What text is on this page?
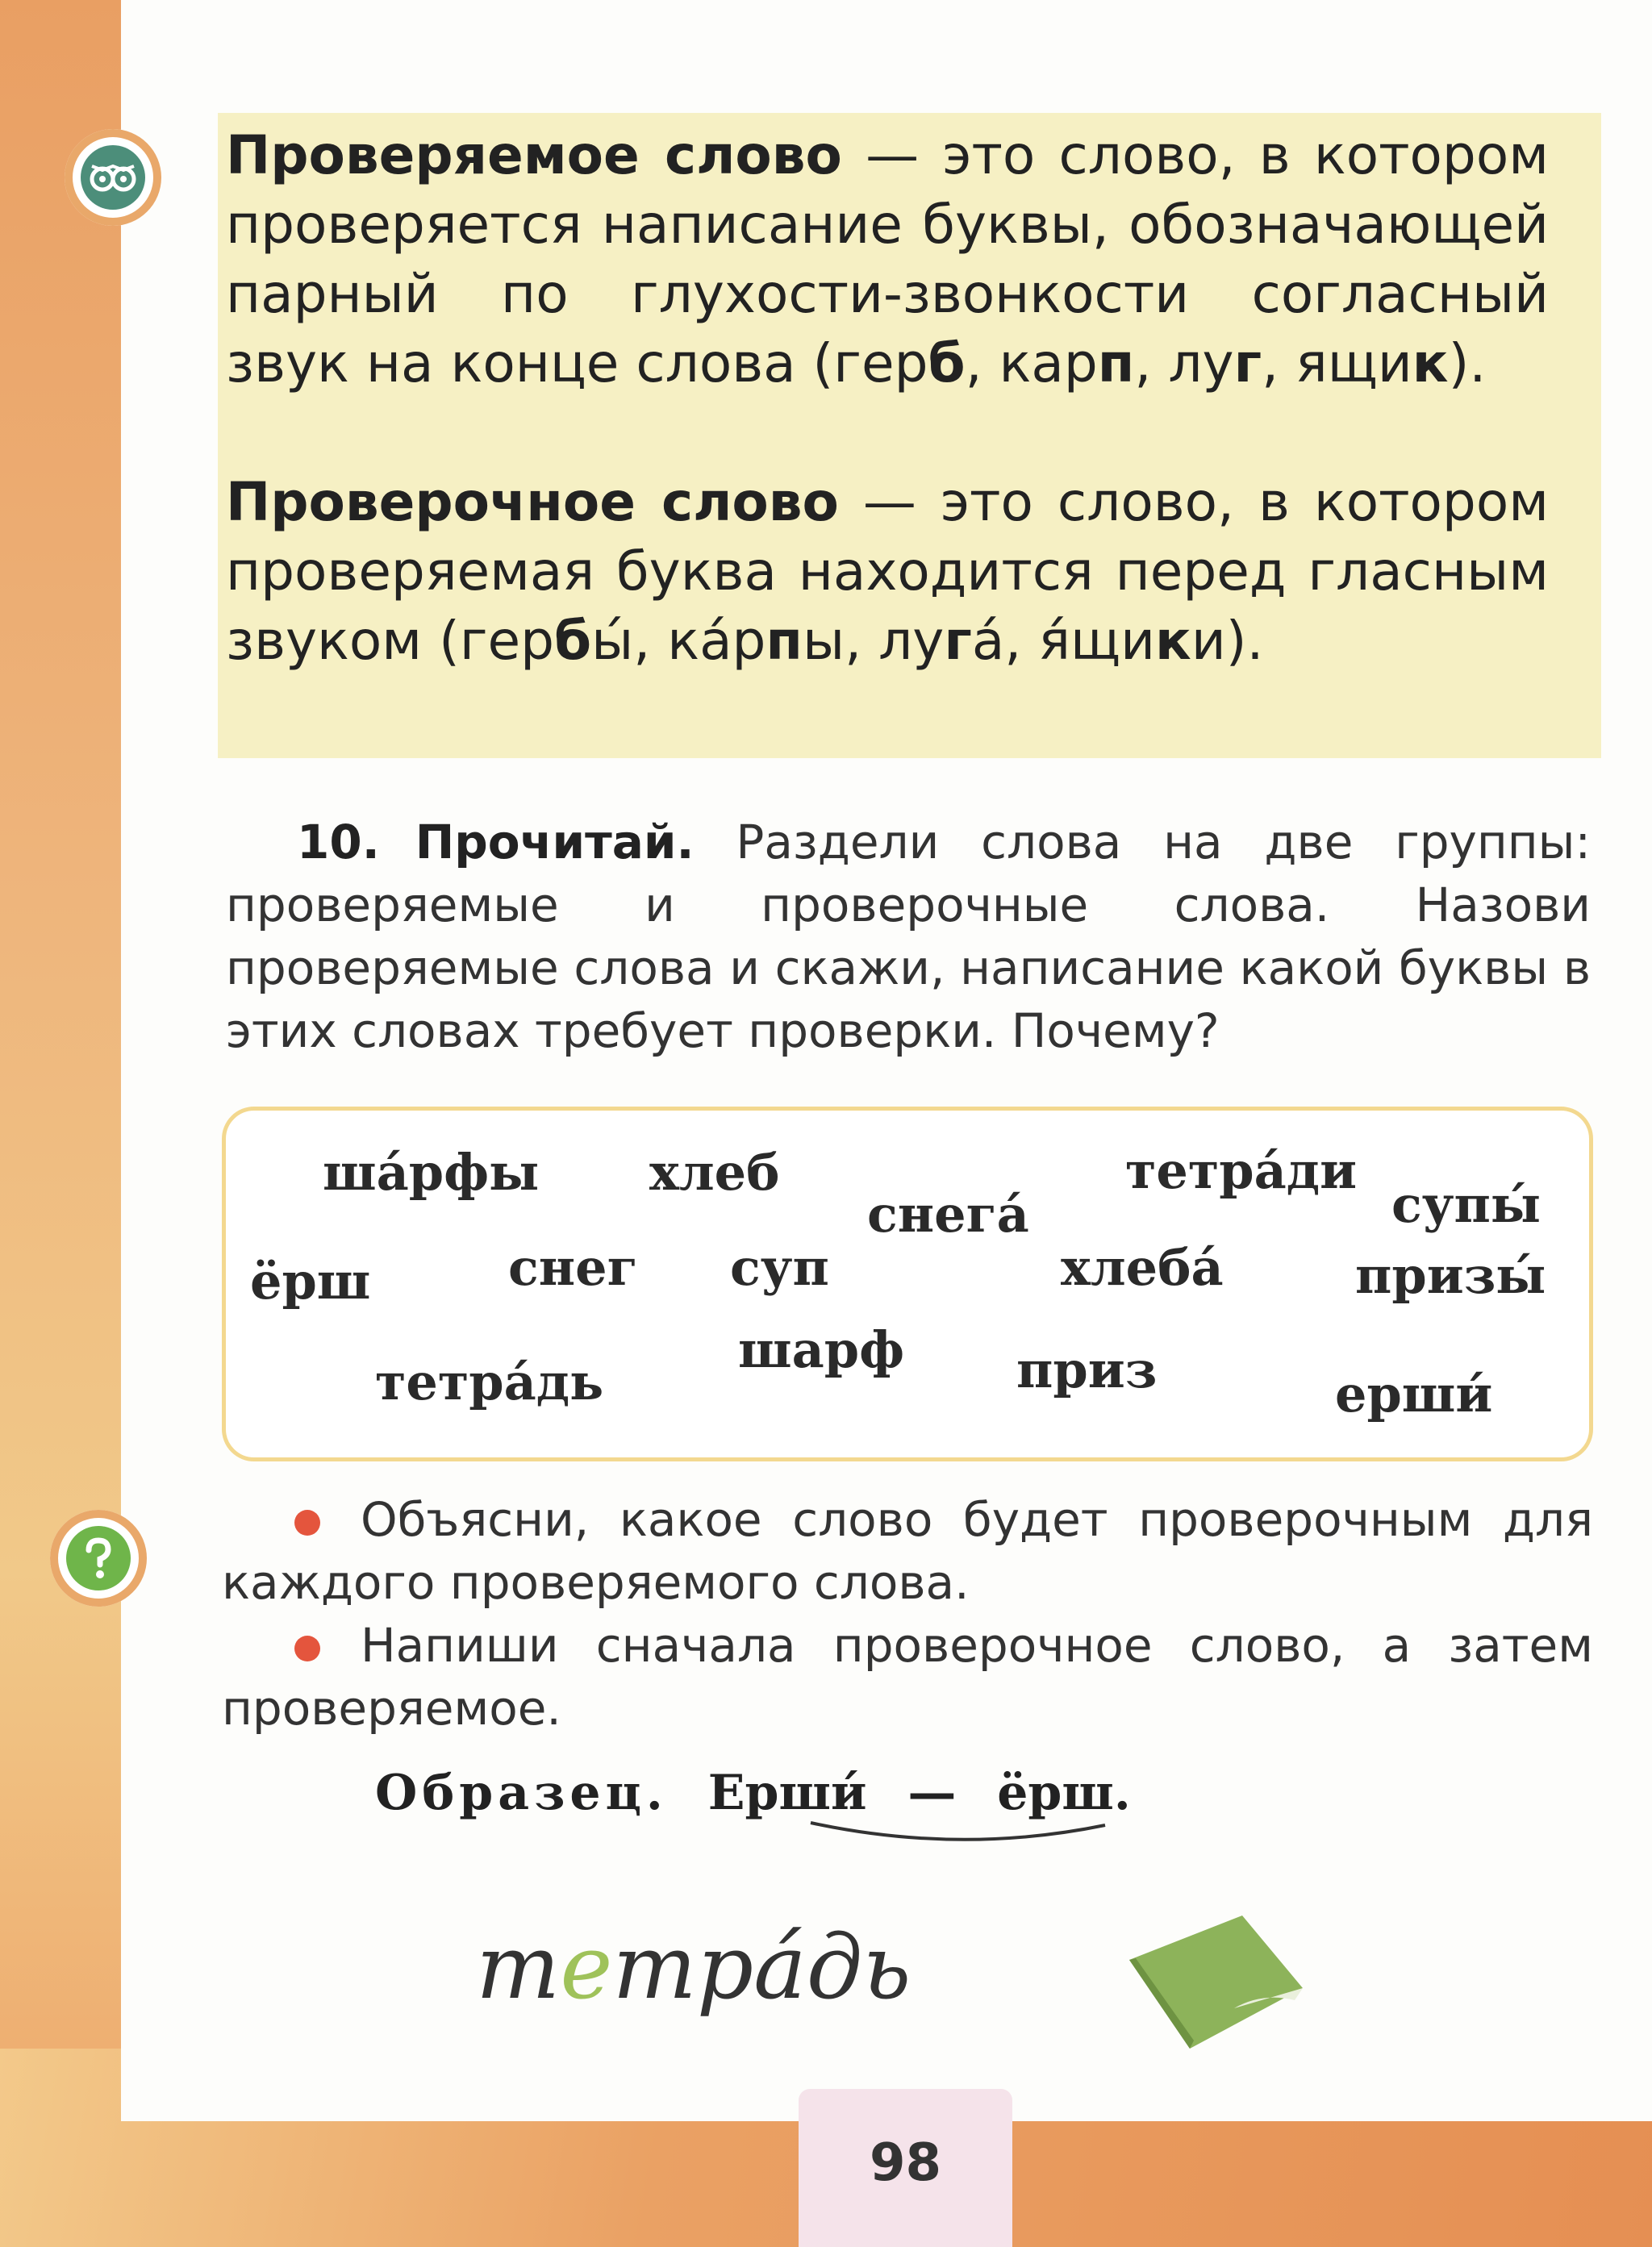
Проверяемое слово — это слово, в котором проверяется написание буквы, обозначающей парный по глухости-звонкости согласный звук на конце слова (герб, карп, луг, ящик).

Проверочное слово — это слово, в котором проверяемая буква находится перед гласным звуком (гербы́, ка́рпы, луга́, я́щики).

10. Прочитай. Раздели слова на две группы: проверяемые и проверочные слова. Назови проверяемые слова и скажи, написание какой буквы в этих словах требует проверки. Почему?

ша́рфы хлеб
снега́
тетра́ди
супы́
ёрш	снег суп	хлеба́	призы́
шарф
тетра́дь	приз	ерши́

Объясни, какое слово будет проверочным для каждого проверяемого слова.

Напиши сначала проверочное слово, а затем проверяемое.

Образец. Ерши́ — ёрш.
тетра́дь
98
